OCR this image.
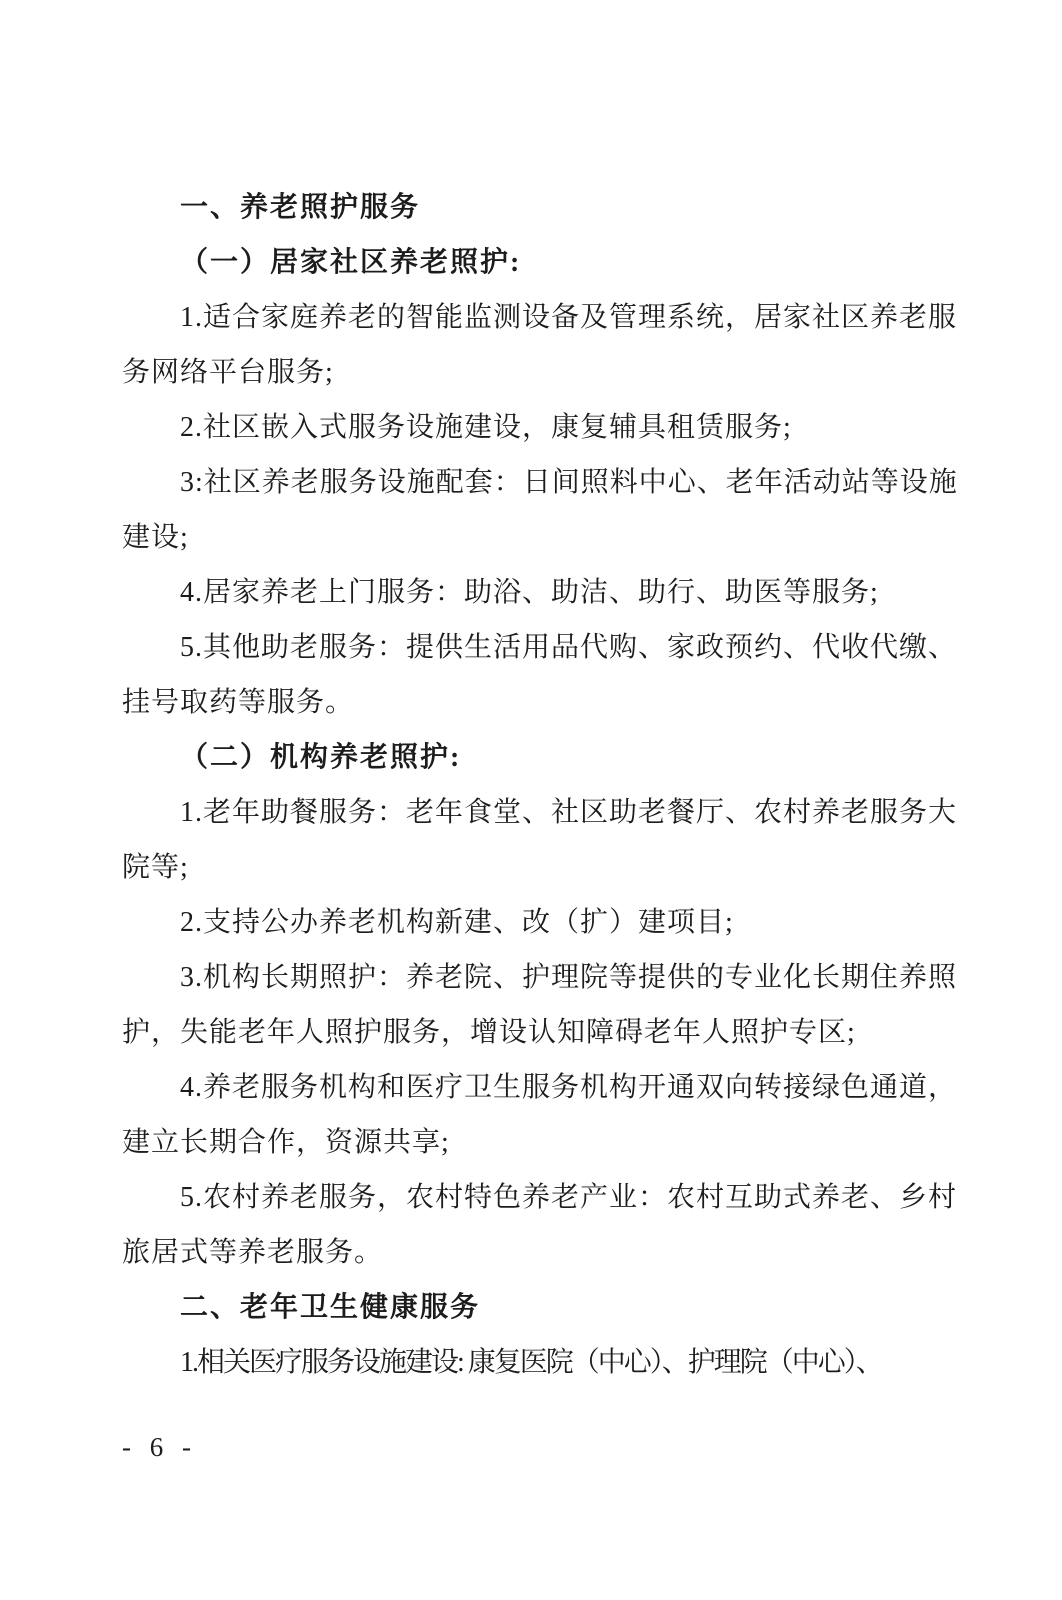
一、养老照护服务
（一）居家社区养老照护:
1.适合家庭养老的智能监测设备及管理系统，居家社区养老服
务网络平台服务;
2.社区嵌入式服务设施建设，康复辅具租赁服务;
3:社区养老服务设施配套：日间照料中心、老年活动站等设施
建设;
4.居家养老上门服务：助浴、助洁、助行、助医等服务;
5.其他助老服务：提供生活用品代购、家政预约、代收代缴、
挂号取药等服务。
（二）机构养老照护:
1.老年助餐服务：老年食堂、社区助老餐厅、农村养老服务大
院等;
2.支持公办养老机构新建、改（扩）建项目;
3.机构长期照护：养老院、护理院等提供的专业化长期住养照
护，失能老年人照护服务，增设认知障碍老年人照护专区;
4.养老服务机构和医疗卫生服务机构开通双向转接绿色通道，
建立长期合作，资源共享;
5.农村养老服务，农村特色养老产业：农村互助式养老、乡村
旅居式等养老服务。
二、老年卫生健康服务
1.相关医疗服务设施建设: 康复医院（中心）、护理院（中心）、
- 6 -
